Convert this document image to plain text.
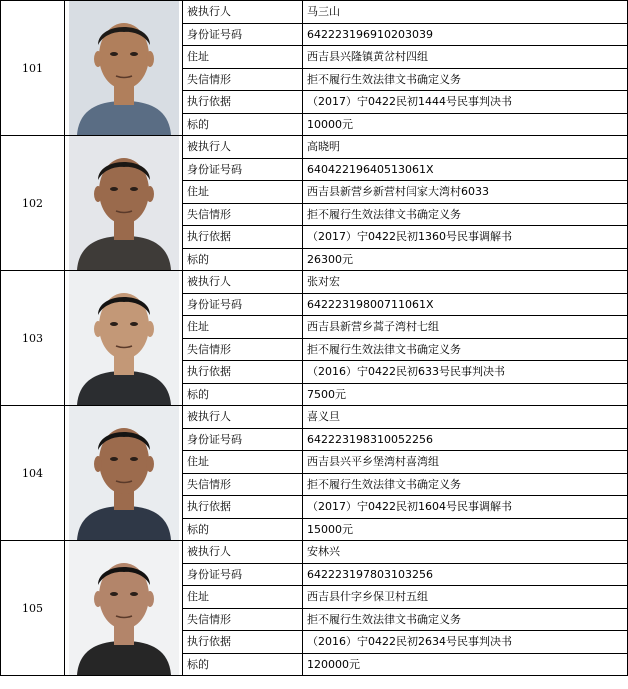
101		被执行人	马三山
		身份证号码	642223196910203039
		住址	西吉县兴隆镇黄岔村四组
		失信情形	拒不履行生效法律文书确定义务
		执行依据	（2017）宁0422民初1444号民事判决书
		标的	10000元
102		被执行人	高晓明
		身份证号码	64042219640513061X
		住址	西吉县新营乡新营村闫家大湾村6033
		失信情形	拒不履行生效法律文书确定义务
		执行依据	（2017）宁0422民初1360号民事调解书
		标的	26300元
103		被执行人	张对宏
		身份证号码	64222319800711061X
		住址	西吉县新营乡蒿子湾村七组
		失信情形	拒不履行生效法律文书确定义务
		执行依据	（2016）宁0422民初633号民事判决书
		标的	7500元
104		被执行人	喜义旦
		身份证号码	642223198310052256
		住址	西吉县兴平乡堡湾村喜湾组
		失信情形	拒不履行生效法律文书确定义务
		执行依据	（2017）宁0422民初1604号民事调解书
		标的	15000元
105		被执行人	安林兴
		身份证号码	642223197803103256
		住址	西吉县什字乡保卫村五组
		失信情形	拒不履行生效法律文书确定义务
		执行依据	（2016）宁0422民初2634号民事判决书
		标的	120000元
